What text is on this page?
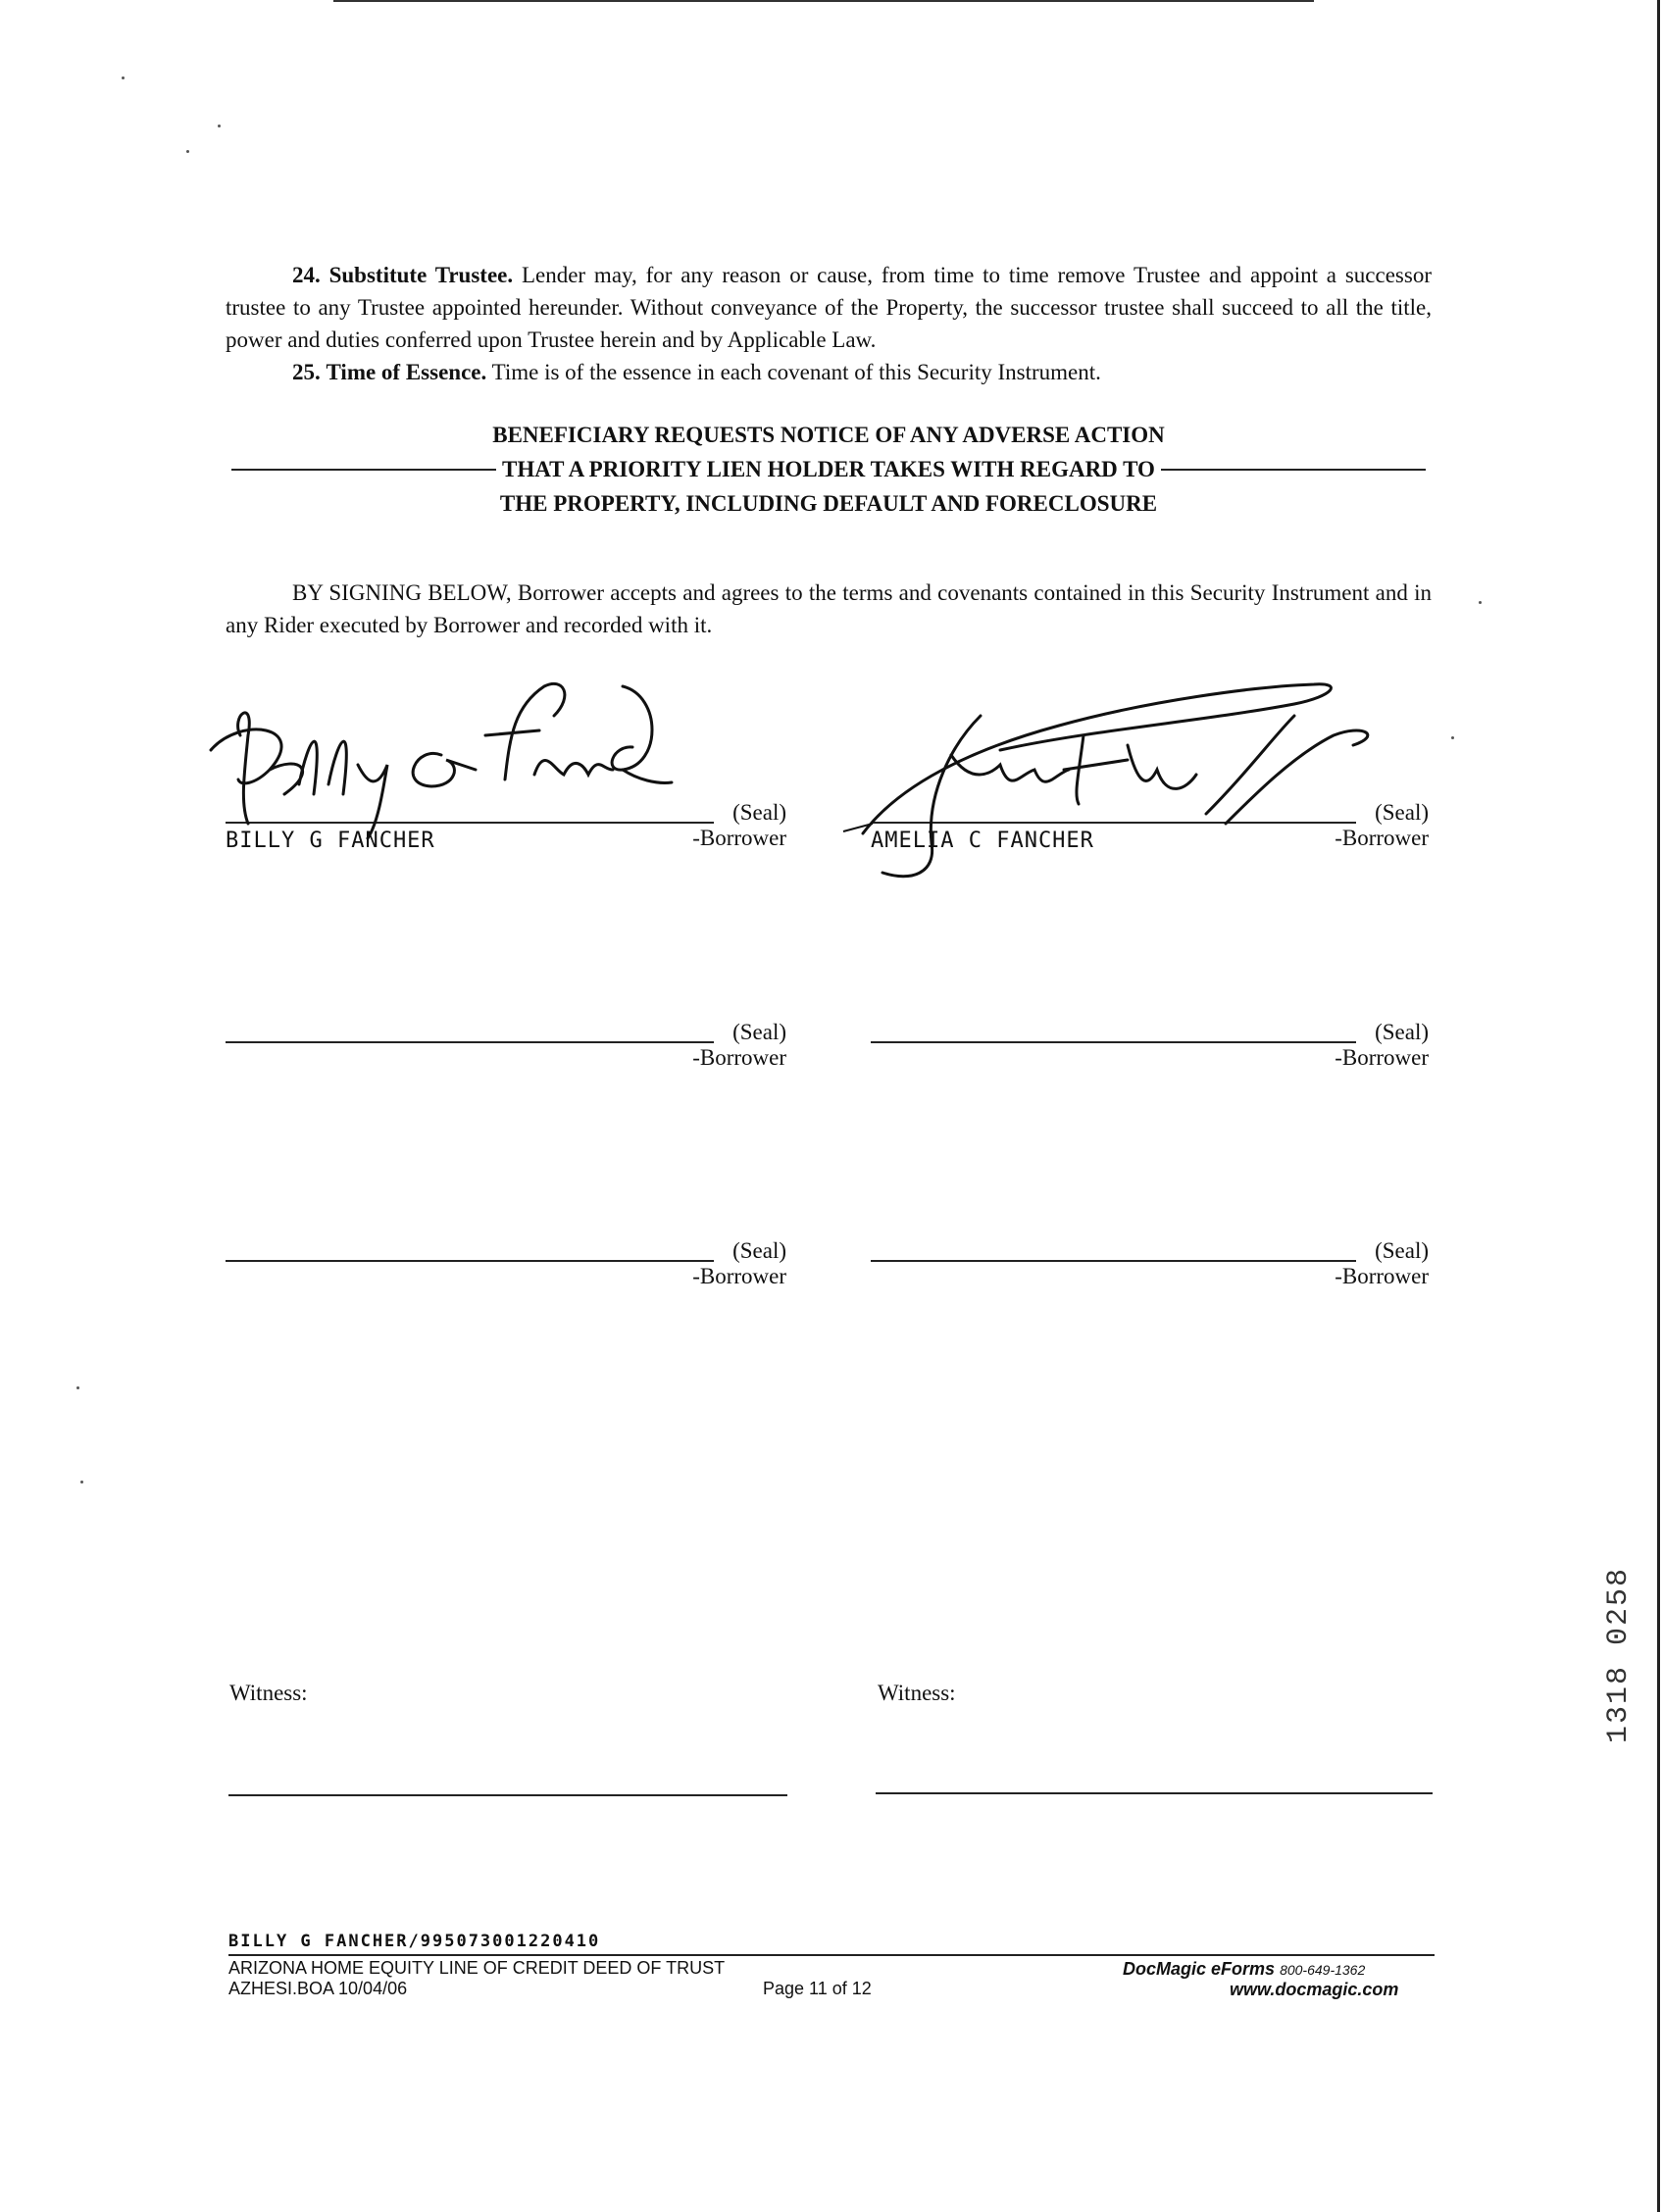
24. Substitute Trustee. Lender may, for any reason or cause, from time to time remove Trustee and appoint a successor trustee to any Trustee appointed hereunder. Without conveyance of the Property, the successor trustee shall succeed to all the title, power and duties conferred upon Trustee herein and by Applicable Law.
25. Time of Essence. Time is of the essence in each covenant of this Security Instrument.
BENEFICIARY REQUESTS NOTICE OF ANY ADVERSE ACTION
THAT A PRIORITY LIEN HOLDER TAKES WITH REGARD TO
THE PROPERTY, INCLUDING DEFAULT AND FORECLOSURE
BY SIGNING BELOW, Borrower accepts and agrees to the terms and covenants contained in this Security Instrument and in any Rider executed by Borrower and recorded with it.
(Seal)
-Borrower
BILLY G FANCHER
(Seal)
-Borrower
AMELIA C FANCHER
(Seal)
-Borrower
(Seal)
-Borrower
(Seal)
-Borrower
(Seal)
-Borrower
Witness:	Witness:
BILLY G FANCHER/995073001220410
ARIZONA HOME EQUITY LINE OF CREDIT DEED OF TRUST
AZHESI.BOA 10/04/06	Page 11 of 12
DocMagic eForms 800-649-1362
www.docmagic.com
1318 0258
